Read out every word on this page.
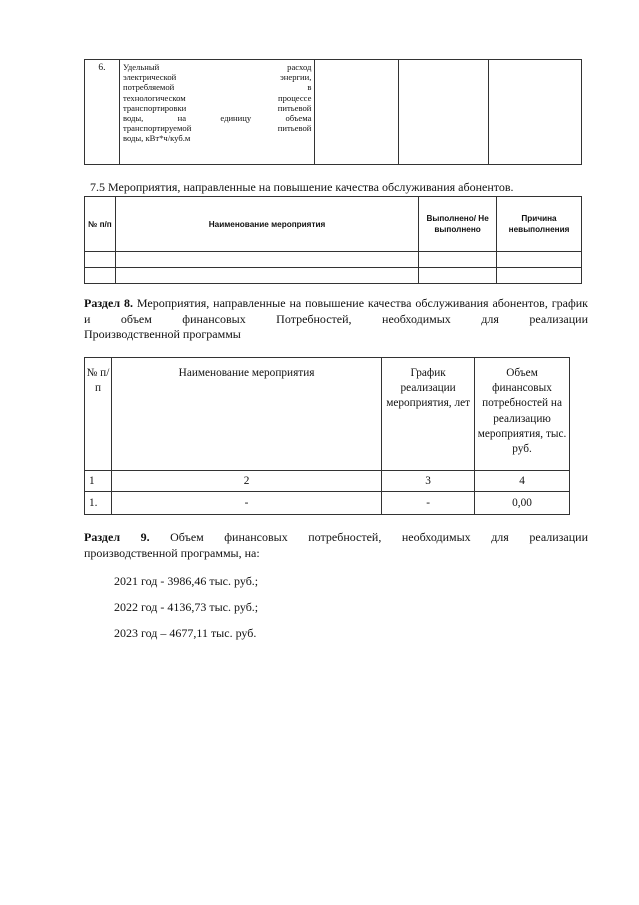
6.	Удельный расход
электрической энергии,
потребляемой в
технологическом процессе
транспортировки питьевой
воды, на единицу объема
транспортируемой питьевой
воды, кВт*ч/куб.м

7.5 Мероприятия, направленные на повышение качества обслуживания абонентов.
№ п/п	Наименование мероприятия	Выполнено/ Не выполнено	Причина невыполнения

Раздел 8. Мероприятия, направленные на повышение качества обслуживания абонентов, график и объем финансовых Потребностей, необходимых для реализации
Производственной программы
№ п/п	Наименование мероприятия	График реализации мероприятия, лет	Объем финансовых потребностей на реализацию мероприятия, тыс. руб.
1	2	3	4
1.	-	-	0,00
Раздел 9. Объем финансовых потребностей, необходимых для реализации
производственной программы, на:
2021 год - 3986,46 тыс. руб.;
2022 год - 4136,73 тыс. руб.;
2023 год – 4677,11 тыс. руб.
